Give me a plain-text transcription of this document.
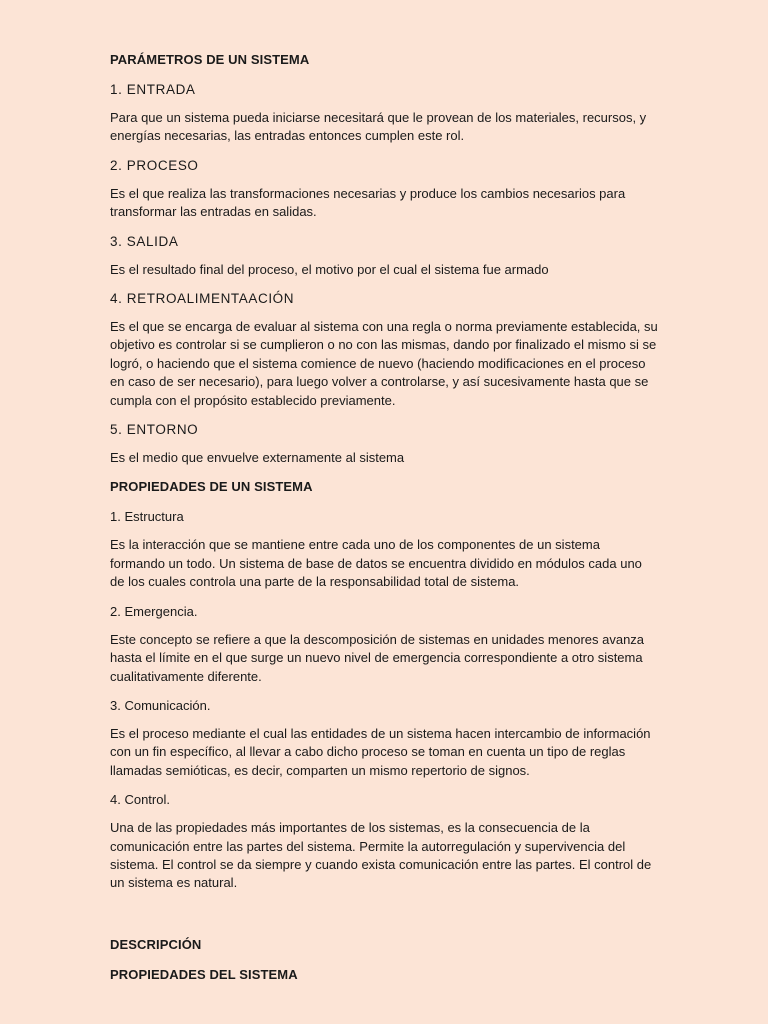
PARÁMETROS DE UN SISTEMA
1. ENTRADA
Para que un sistema pueda iniciarse necesitará que le provean de los materiales, recursos, y energías necesarias, las entradas entonces cumplen este rol.
2. PROCESO
Es el que realiza las transformaciones necesarias y produce los cambios necesarios para transformar las entradas en salidas.
3. SALIDA
Es el resultado final del proceso, el motivo por el cual el sistema fue armado
4. RETROALIMENTAACIÓN
Es el que se encarga de evaluar al sistema con una regla o norma previamente establecida, su objetivo es controlar si se cumplieron o no con las mismas, dando por finalizado el mismo si se logró, o haciendo que el sistema comience de nuevo (haciendo modificaciones en el proceso en caso de ser necesario), para luego volver a controlarse, y así sucesivamente hasta que se cumpla con el propósito establecido previamente.
5. ENTORNO
Es el medio que envuelve externamente al sistema
PROPIEDADES DE UN SISTEMA
1. Estructura
Es la interacción que se mantiene entre cada uno de los componentes de un sistema formando un todo. Un sistema de base de datos se encuentra dividido en módulos cada uno de los cuales controla una parte de la responsabilidad total de sistema.
2. Emergencia.
Este concepto se refiere a que la descomposición de sistemas en unidades menores avanza hasta el límite en el que surge un nuevo nivel de emergencia correspondiente a otro sistema cualitativamente diferente.
3. Comunicación.
Es el proceso mediante el cual las entidades de un sistema hacen intercambio de información con un fin específico, al llevar a cabo dicho proceso se toman en cuenta un tipo de reglas llamadas semióticas, es decir, comparten un mismo repertorio de signos.
4. Control.
Una de las propiedades más importantes de los sistemas, es la consecuencia de la comunicación entre las partes del sistema. Permite la autorregulación y supervivencia del sistema. El control se da siempre y cuando exista comunicación entre las partes. El control de un sistema es natural.
DESCRIPCIÓN
PROPIEDADES DEL SISTEMA
